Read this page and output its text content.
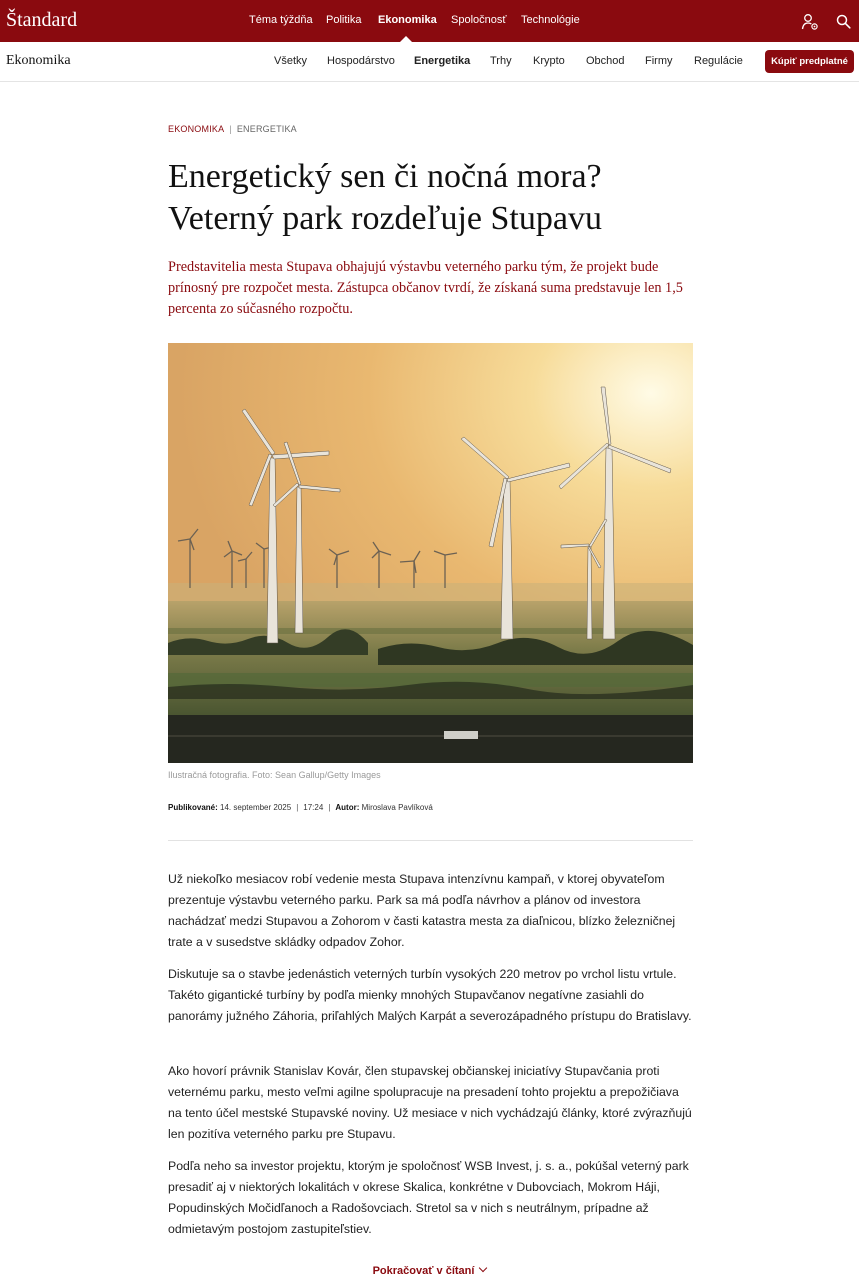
Štandard	Téma týždňa Politika Ekonomika Spoločnosť Technológie
Ekonomika	Všetky Hospodárstvo Energetika Trhy Krypto Obchod Firmy Regulácie	Kúpiť predplatné
EKONOMIKA | ENERGETIKA
Energetický sen či nočná mora?
Veterný park rozdeľuje Stupavu

Predstavitelia mesta Stupava obhajujú výstavbu veterného parku tým, že projekt bude prínosný pre rozpočet mesta. Zástupca občanov tvrdí, že získaná suma predstavuje len 1,5 percenta zo súčasného rozpočtu.

Ilustračná fotografia. Foto: Sean Gallup/Getty Images
Publikované: 14. september 2025 | 17:24 | Autor: Miroslava Pavlíková

Už niekoľko mesiacov robí vedenie mesta Stupava intenzívnu kampaň, v ktorej obyvateľom prezentuje výstavbu veterného parku. Park sa má podľa návrhov a plánov od investora nachádzať medzi Stupavou a Zohorom v časti katastra mesta za diaľnicou, blízko železničnej trate a v susedstve skládky odpadov Zohor.

Diskutuje sa o stavbe jedenástich veterných turbín vysokých 220 metrov po vrchol listu vrtule. Takéto gigantické turbíny by podľa mienky mnohých Stupavčanov negatívne zasiahli do panorámy južného Záhoria, priľahlých Malých Karpát a severozápadného prístupu do Bratislavy.

Ako hovorí právnik Stanislav Kovár, člen stupavskej občianskej iniciatívy Stupavčania proti veternému parku, mesto veľmi agilne spolupracuje na presadení tohto projektu a prepožičiava na tento účel mestské Stupavské noviny. Už mesiace v nich vychádzajú články, ktoré zvýrazňujú len pozitíva veterného parku pre Stupavu.

Podľa neho sa investor projektu, ktorým je spoločnosť WSB Invest, j. s. a., pokúšal veterný park presadiť aj v niektorých lokalitách v okrese Skalica, konkrétne v Dubovciach, Mokrom Háji, Popudinských Močidľanoch a Radošovciach. Stretol sa v nich s neutrálnym, prípadne až odmietavým postojom zastupiteľstiev.

Pokračovať v čítaní
